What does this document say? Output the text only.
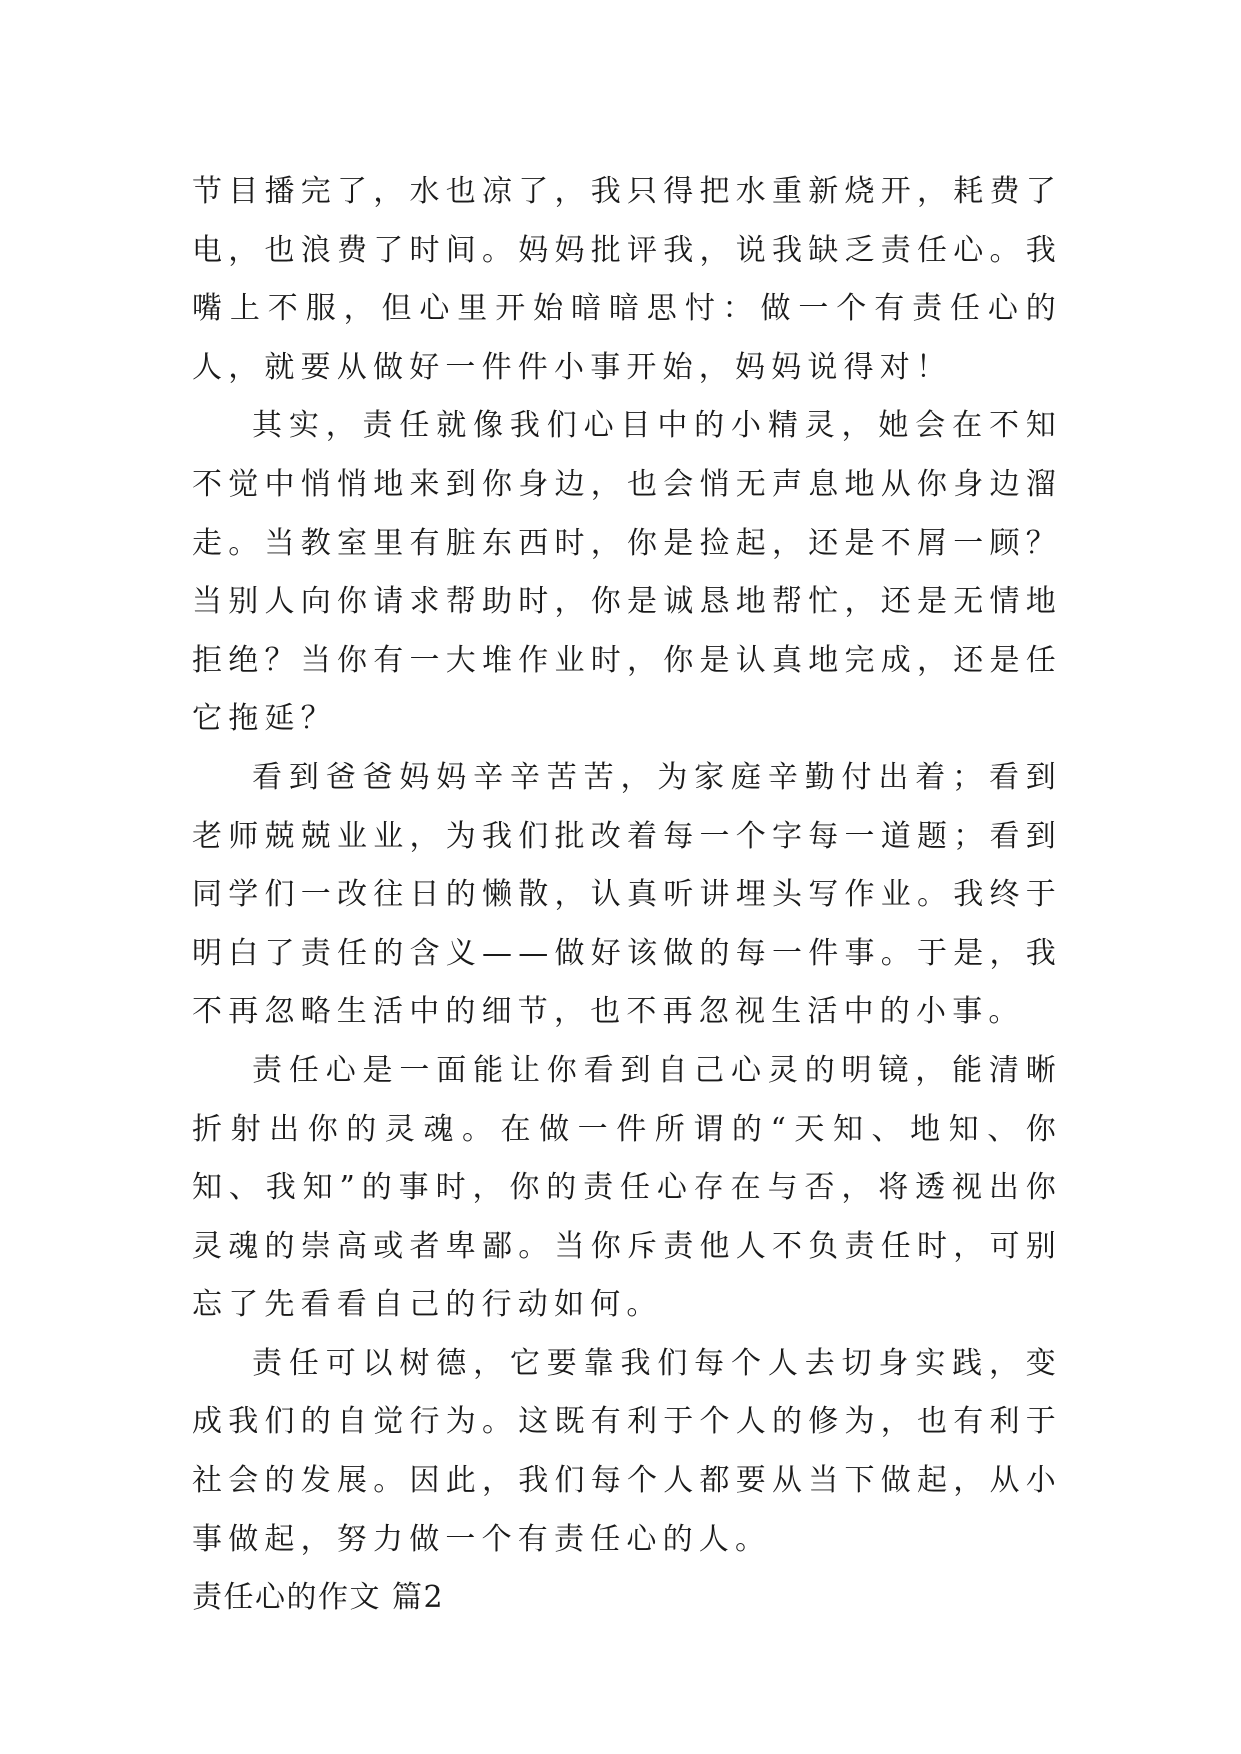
节目播完了，水也凉了，我只得把水重新烧开，耗费了电，也浪费了时间。妈妈批评我，说我缺乏责任心。我嘴上不服，但心里开始暗暗思忖：做一个有责任心的人，就要从做好一件件小事开始，妈妈说得对！

其实，责任就像我们心目中的小精灵，她会在不知不觉中悄悄地来到你身边，也会悄无声息地从你身边溜走。当教室里有脏东西时，你是捡起，还是不屑一顾？当别人向你请求帮助时，你是诚恳地帮忙，还是无情地拒绝？当你有一大堆作业时，你是认真地完成，还是任它拖延？

看到爸爸妈妈辛辛苦苦，为家庭辛勤付出着；看到老师兢兢业业，为我们批改着每一个字每一道题；看到同学们一改往日的懒散，认真听讲埋头写作业。我终于明白了责任的含义——做好该做的每一件事。于是，我不再忽略生活中的细节，也不再忽视生活中的小事。

责任心是一面能让你看到自己心灵的明镜，能清晰折射出你的灵魂。在做一件所谓的“天知、地知、你知、我知”的事时，你的责任心存在与否，将透视出你灵魂的崇高或者卑鄙。当你斥责他人不负责任时，可别忘了先看看自己的行动如何。

责任可以树德，它要靠我们每个人去切身实践，变成我们的自觉行为。这既有利于个人的修为，也有利于社会的发展。因此，我们每个人都要从当下做起，从小事做起，努力做一个有责任心的人。

责任心的作文 篇2
